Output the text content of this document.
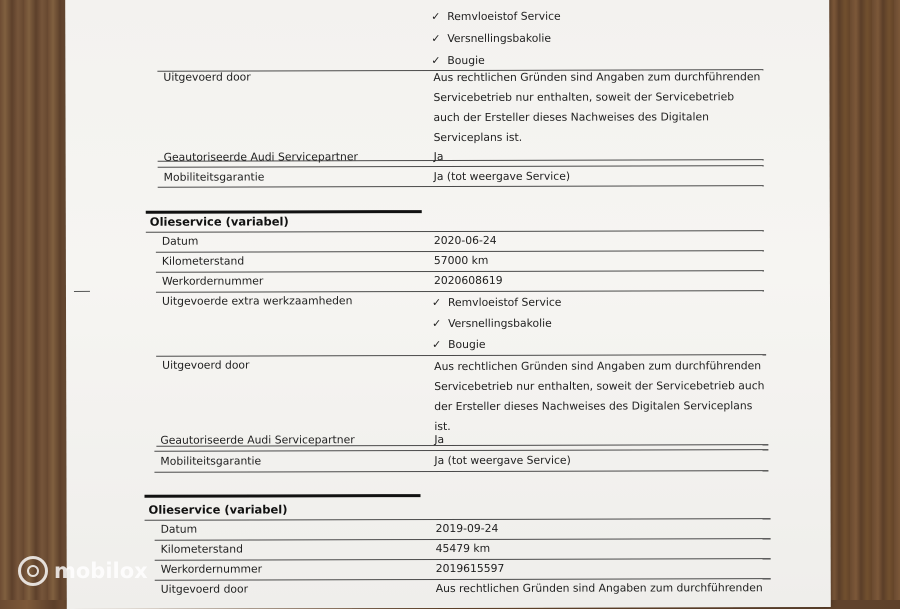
✓ Remvloeistof Service
✓ Versnellingsbakolie
✓ Bougie
Uitgevoerd door	Aus rechtlichen Gründen sind Angaben zum durchführenden Servicebetrieb nur enthalten, soweit der Servicebetrieb auch der Ersteller dieses Nachweises des Digitalen Serviceplans ist.
Geautoriseerde Audi Servicepartner	Ja
Mobiliteitsgarantie	Ja (tot weergave Service)
Olieservice (variabel)
Datum	2020-06-24
Kilometerstand	57000 km
Werkordernummer	2020608619
Uitgevoerde extra werkzaamheden	✓ Remvloeistof Service
✓ Versnellingsbakolie
✓ Bougie
Uitgevoerd door	Aus rechtlichen Gründen sind Angaben zum durchführenden Servicebetrieb nur enthalten, soweit der Servicebetrieb auch der Ersteller dieses Nachweises des Digitalen Serviceplans ist.
Geautoriseerde Audi Servicepartner	Ja
Mobiliteitsgarantie	Ja (tot weergave Service)
Olieservice (variabel)
Datum	2019-09-24
Kilometerstand	45479 km
Werkordernummer	2019615597
Uitgevoerd door	Aus rechtlichen Gründen sind Angaben zum durchführenden
mobilox
